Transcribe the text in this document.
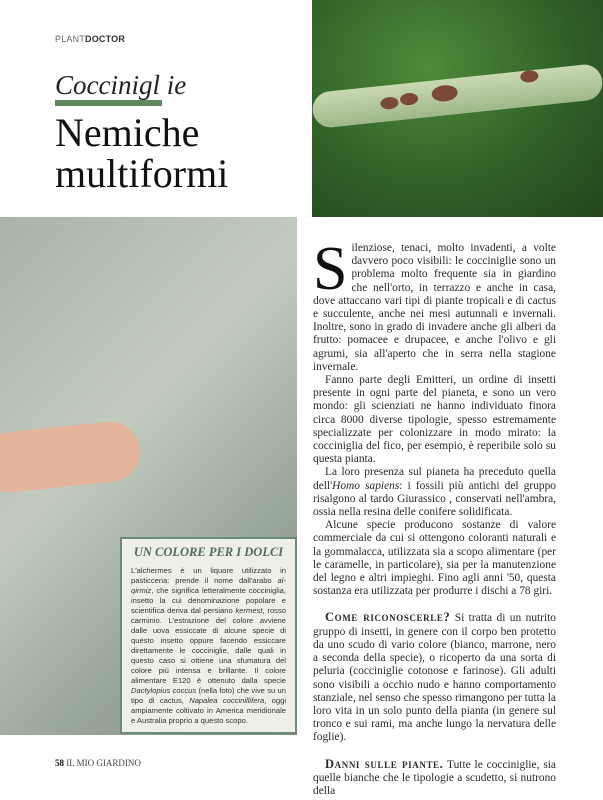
PLANTDOCTOR
Coccinigl ie
Nemiche
multiformi
UN COLORE PER I DOLCI

L'alchermes è un liquore utilizzato in pasticceria: prende il nome dall'arabo al-qirmiz, che significa letteralmente cocciniglia, insetto la cui denominazione popolare e scientifica deriva dal persiano kermest, rosso carminio. L'estrazione del colore avviene dalle uova essiccate di alcune specie di questo insetto oppure facendo essiccare direttamente le cocciniglie, dalle quali in questo caso si ottiene una sfumatura del colore più intensa e brillante. Il colore alimentare E120 è ottenuto dalla specie Dactylopius coccus (nella foto) che vive su un tipo di cactus, Napalea coccinillifera, oggi ampiamente coltivato in America meridionale e Australia proprio a questo scopo.

Silenziose, tenaci, molto invadenti, a volte davvero poco visibili: le cocciniglie sono un problema molto frequente sia in giardino che nell'orto, in terrazzo e anche in casa, dove attaccano vari tipi di piante tropicali e di cactus e succulente, anche nei mesi autunnali e invernali. Inoltre, sono in grado di invadere anche gli alberi da frutto: pomacee e drupacee, e anche l'olivo e gli agrumi, sia all'aperto che in serra nella stagione invernale.

Fanno parte degli Emitteri, un ordine di insetti presente in ogni parte del pianeta, e sono un vero mondo: gli scienziati ne hanno individuato finora circa 8000 diverse tipologie, spesso estremamente specializzate per colonizzare in modo mirato: la cocciniglia del fico, per esempio, è reperibile solo su questa pianta.

La loro presenza sul pianeta ha preceduto quella dell'Homo sapiens: i fossili più antichi del gruppo risalgono al tardo Giurassico , conservati nell'ambra, ossia nella resina delle conifere solidificata.

Alcune specie producono sostanze di valore commerciale da cui si ottengono coloranti naturali e la gommalacca, utilizzata sia a scopo alimentare (per le caramelle, in particolare), sia per la manutenzione del legno e altri impieghi. Fino agli anni '50, questa sostanza era utilizzata per produrre i dischi a 78 giri.

Come riconoscerle? Si tratta di un nutrito gruppo di insetti, in genere con il corpo ben protetto da uno scudo di vario colore (bianco, marrone, nero a seconda della specie), o ricoperto da una sorta di peluria (cocciniglie cotonose e farinose). Gli adulti sono visibili a occhio nudo e hanno comportamento stanziale, nel senso che spesso rimangono per tutta la loro vita in un solo punto della pianta (in genere sul tronco e sui rami, ma anche lungo la nervatura delle foglie).

Danni sulle piante. Tutte le cocciniglie, sia quelle bianche che le tipologie a scudetto, si nutrono della

58 IL MIO GIARDINO
